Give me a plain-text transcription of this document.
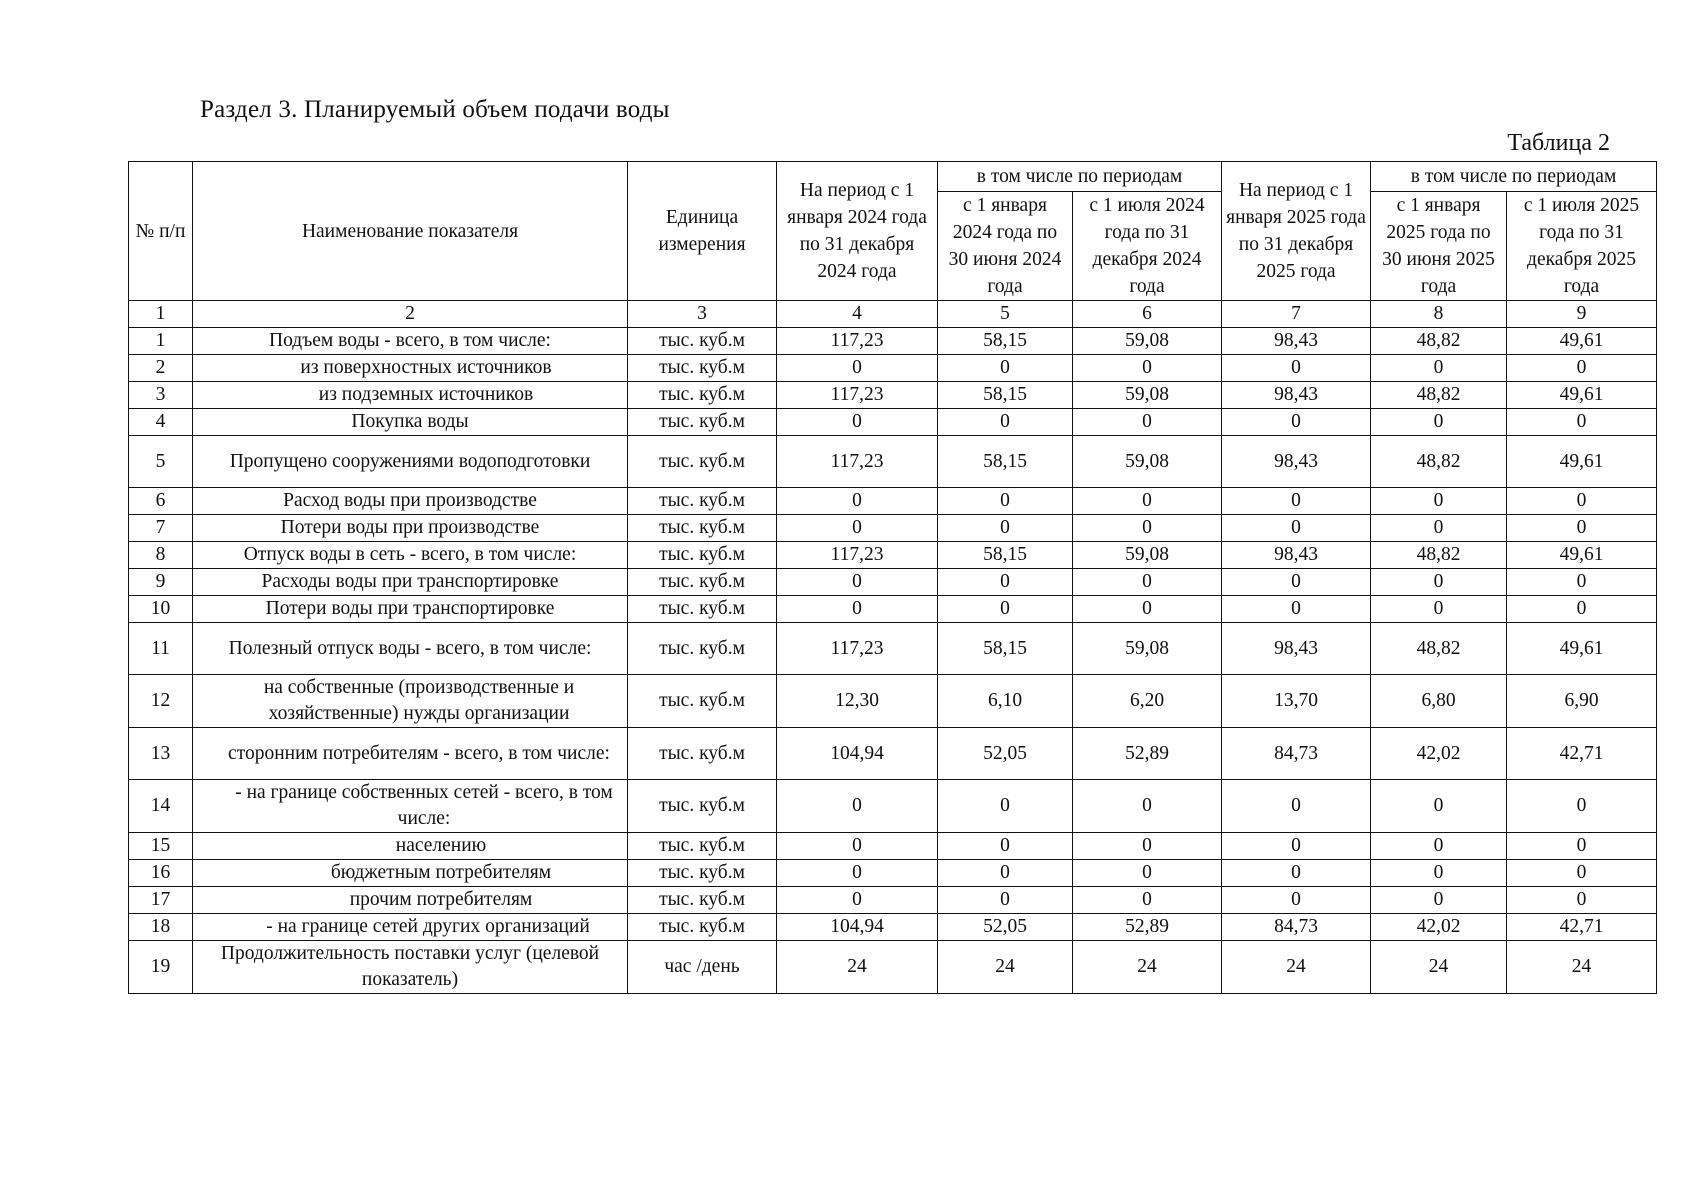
Раздел 3. Планируемый объем подачи воды
Таблица 2
№ п/п	Наименование показателя	Единица измерения	На период с 1 января 2024 года по 31 декабря 2024 года	в том числе по периодам		На период с 1 января 2025 года по 31 декабря 2025 года	в том числе по периодам	
				с 1 января 2024 года по 30 июня 2024 года	с 1 июля 2024 года по 31 декабря 2024 года		с 1 января 2025 года по 30 июня 2025 года	с 1 июля 2025 года по 31 декабря 2025 года
1	2	3	4	5	6	7	8	9
1	Подъем воды - всего, в том числе:	тыс. куб.м	117,23	58,15	59,08	98,43	48,82	49,61
2	из поверхностных источников	тыс. куб.м	0	0	0	0	0	0
3	из подземных источников	тыс. куб.м	117,23	58,15	59,08	98,43	48,82	49,61
4	Покупка воды	тыс. куб.м	0	0	0	0	0	0
5	Пропущено сооружениями водоподготовки	тыс. куб.м	117,23	58,15	59,08	98,43	48,82	49,61
6	Расход воды при производстве	тыс. куб.м	0	0	0	0	0	0
7	Потери воды при производстве	тыс. куб.м	0	0	0	0	0	0
8	Отпуск воды в сеть - всего, в том числе:	тыс. куб.м	117,23	58,15	59,08	98,43	48,82	49,61
9	Расходы воды при транспортировке	тыс. куб.м	0	0	0	0	0	0
10	Потери воды при транспортировке	тыс. куб.м	0	0	0	0	0	0
11	Полезный отпуск воды - всего, в том числе:	тыс. куб.м	117,23	58,15	59,08	98,43	48,82	49,61
12	на собственные (производственные и хозяйственные) нужды организации	тыс. куб.м	12,30	6,10	6,20	13,70	6,80	6,90
13	сторонним потребителям - всего, в том числе:	тыс. куб.м	104,94	52,05	52,89	84,73	42,02	42,71
14	- на границе собственных сетей - всего, в том числе:	тыс. куб.м	0	0	0	0	0	0
15	населению	тыс. куб.м	0	0	0	0	0	0
16	бюджетным потребителям	тыс. куб.м	0	0	0	0	0	0
17	прочим потребителям	тыс. куб.м	0	0	0	0	0	0
18	- на границе сетей других организаций	тыс. куб.м	104,94	52,05	52,89	84,73	42,02	42,71
19	Продолжительность поставки услуг (целевой показатель)	час /день	24	24	24	24	24	24
